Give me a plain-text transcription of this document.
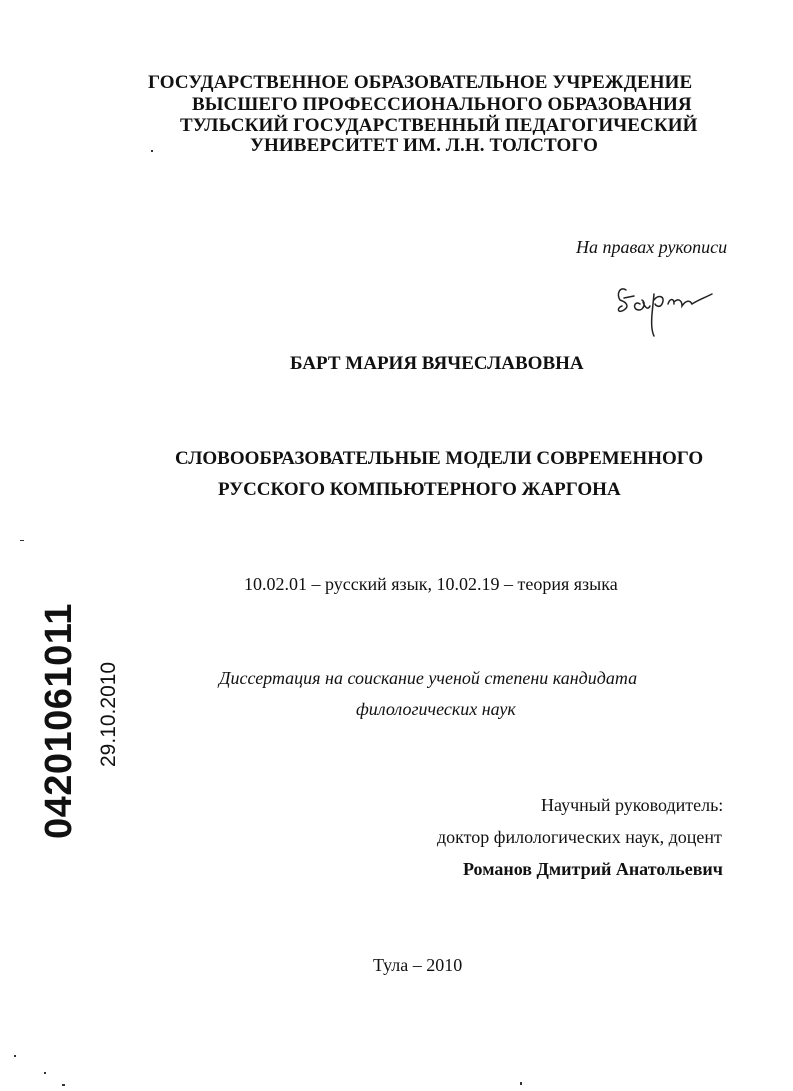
ГОСУДАРСТВЕННОЕ ОБРАЗОВАТЕЛЬНОЕ УЧРЕЖДЕНИЕ
ВЫСШЕГО ПРОФЕССИОНАЛЬНОГО ОБРАЗОВАНИЯ
ТУЛЬСКИЙ ГОСУДАРСТВЕННЫЙ ПЕДАГОГИЧЕСКИЙ
УНИВЕРСИТЕТ ИМ. Л.Н. ТОЛСТОГО
На правах рукописи
БАРТ МАРИЯ ВЯЧЕСЛАВОВНА
СЛОВООБРАЗОВАТЕЛЬНЫЕ МОДЕЛИ СОВРЕМЕННОГО
РУССКОГО КОМПЬЮТЕРНОГО ЖАРГОНА
10.02.01 – русский язык, 10.02.19 – теория языка
Диссертация на соискание ученой степени кандидата
филологических наук
Научный руководитель:
доктор филологических наук, доцент
Романов Дмитрий Анатольевич
Тула – 2010
04201061011 29.10.2010
